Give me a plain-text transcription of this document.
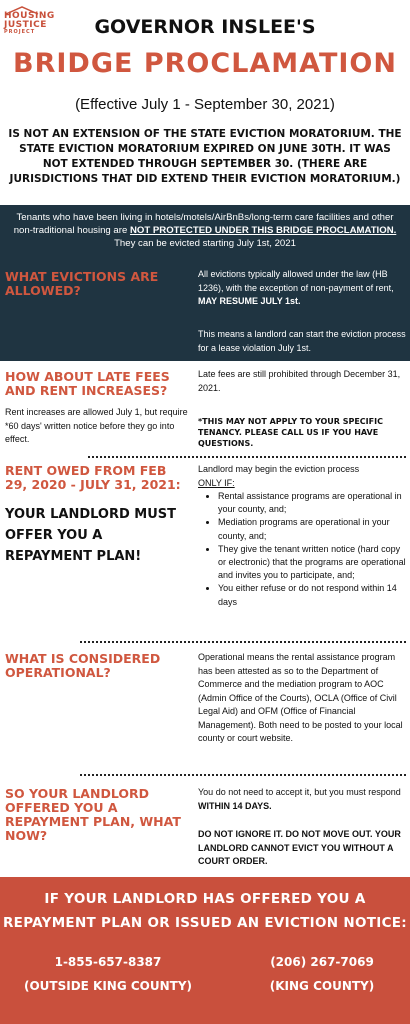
HOUSING
JUSTICE
PROJECT	GOVERNOR INSLEE'S
BRIDGE PROCLAMATION
(Effective July 1 - September 30, 2021)
IS NOT AN EXTENSION OF THE STATE EVICTION MORATORIUM. THE STATE EVICTION MORATORIUM EXPIRED ON JUNE 30TH. IT WAS NOT EXTENDED THROUGH SEPTEMBER 30. (THERE ARE JURISDICTIONS THAT DID EXTEND THEIR EVICTION MORATORIUM.)
Tenants who have been living in hotels/motels/AirBnBs/long-term care facilities and other non-traditional housing are NOT PROTECTED UNDER THIS BRIDGE PROCLAMATION. They can be evicted starting July 1st, 2021
WHAT EVICTIONS ARE ALLOWED?
All evictions typically allowed under the law (HB 1236), with the exception of non-payment of rent, MAY RESUME JULY 1st.
This means a landlord can start the eviction process for a lease violation July 1st.
HOW ABOUT LATE FEES AND RENT INCREASES?
Rent increases are allowed July 1, but require *60 days' written notice before they go into effect.
Late fees are still prohibited through December 31, 2021.
*THIS MAY NOT APPLY TO YOUR SPECIFIC TENANCY. PLEASE CALL US IF YOU HAVE QUESTIONS.
RENT OWED FROM FEB 29, 2020 - JULY 31, 2021:
YOUR LANDLORD MUST OFFER YOU A REPAYMENT PLAN!
Landlord may begin the eviction process
ONLY IF:
• Rental assistance programs are operational in your county, and;
• Mediation programs are operational in your county, and;
• They give the tenant written notice (hard copy or electronic) that the programs are operational and invites you to participate, and;
• You either refuse or do not respond within 14 days
WHAT IS CONSIDERED OPERATIONAL?
Operational means the rental assistance program has been attested as so to the Department of Commerce and the mediation program to AOC (Admin Office of the Courts), OCLA (Office of Civil Legal Aid) and OFM (Office of Financial Management). Both need to be posted to your local county or court website.
SO YOUR LANDLORD OFFERED YOU A REPAYMENT PLAN, WHAT NOW?
You do not need to accept it, but you must respond WITHIN 14 DAYS.
DO NOT IGNORE IT. DO NOT MOVE OUT. YOUR LANDLORD CANNOT EVICT YOU WITHOUT A COURT ORDER.
IF YOUR LANDLORD HAS OFFERED YOU A REPAYMENT PLAN OR ISSUED AN EVICTION NOTICE:
1-855-657-8387
(OUTSIDE KING COUNTY)
(206) 267-7069
(KING COUNTY)
